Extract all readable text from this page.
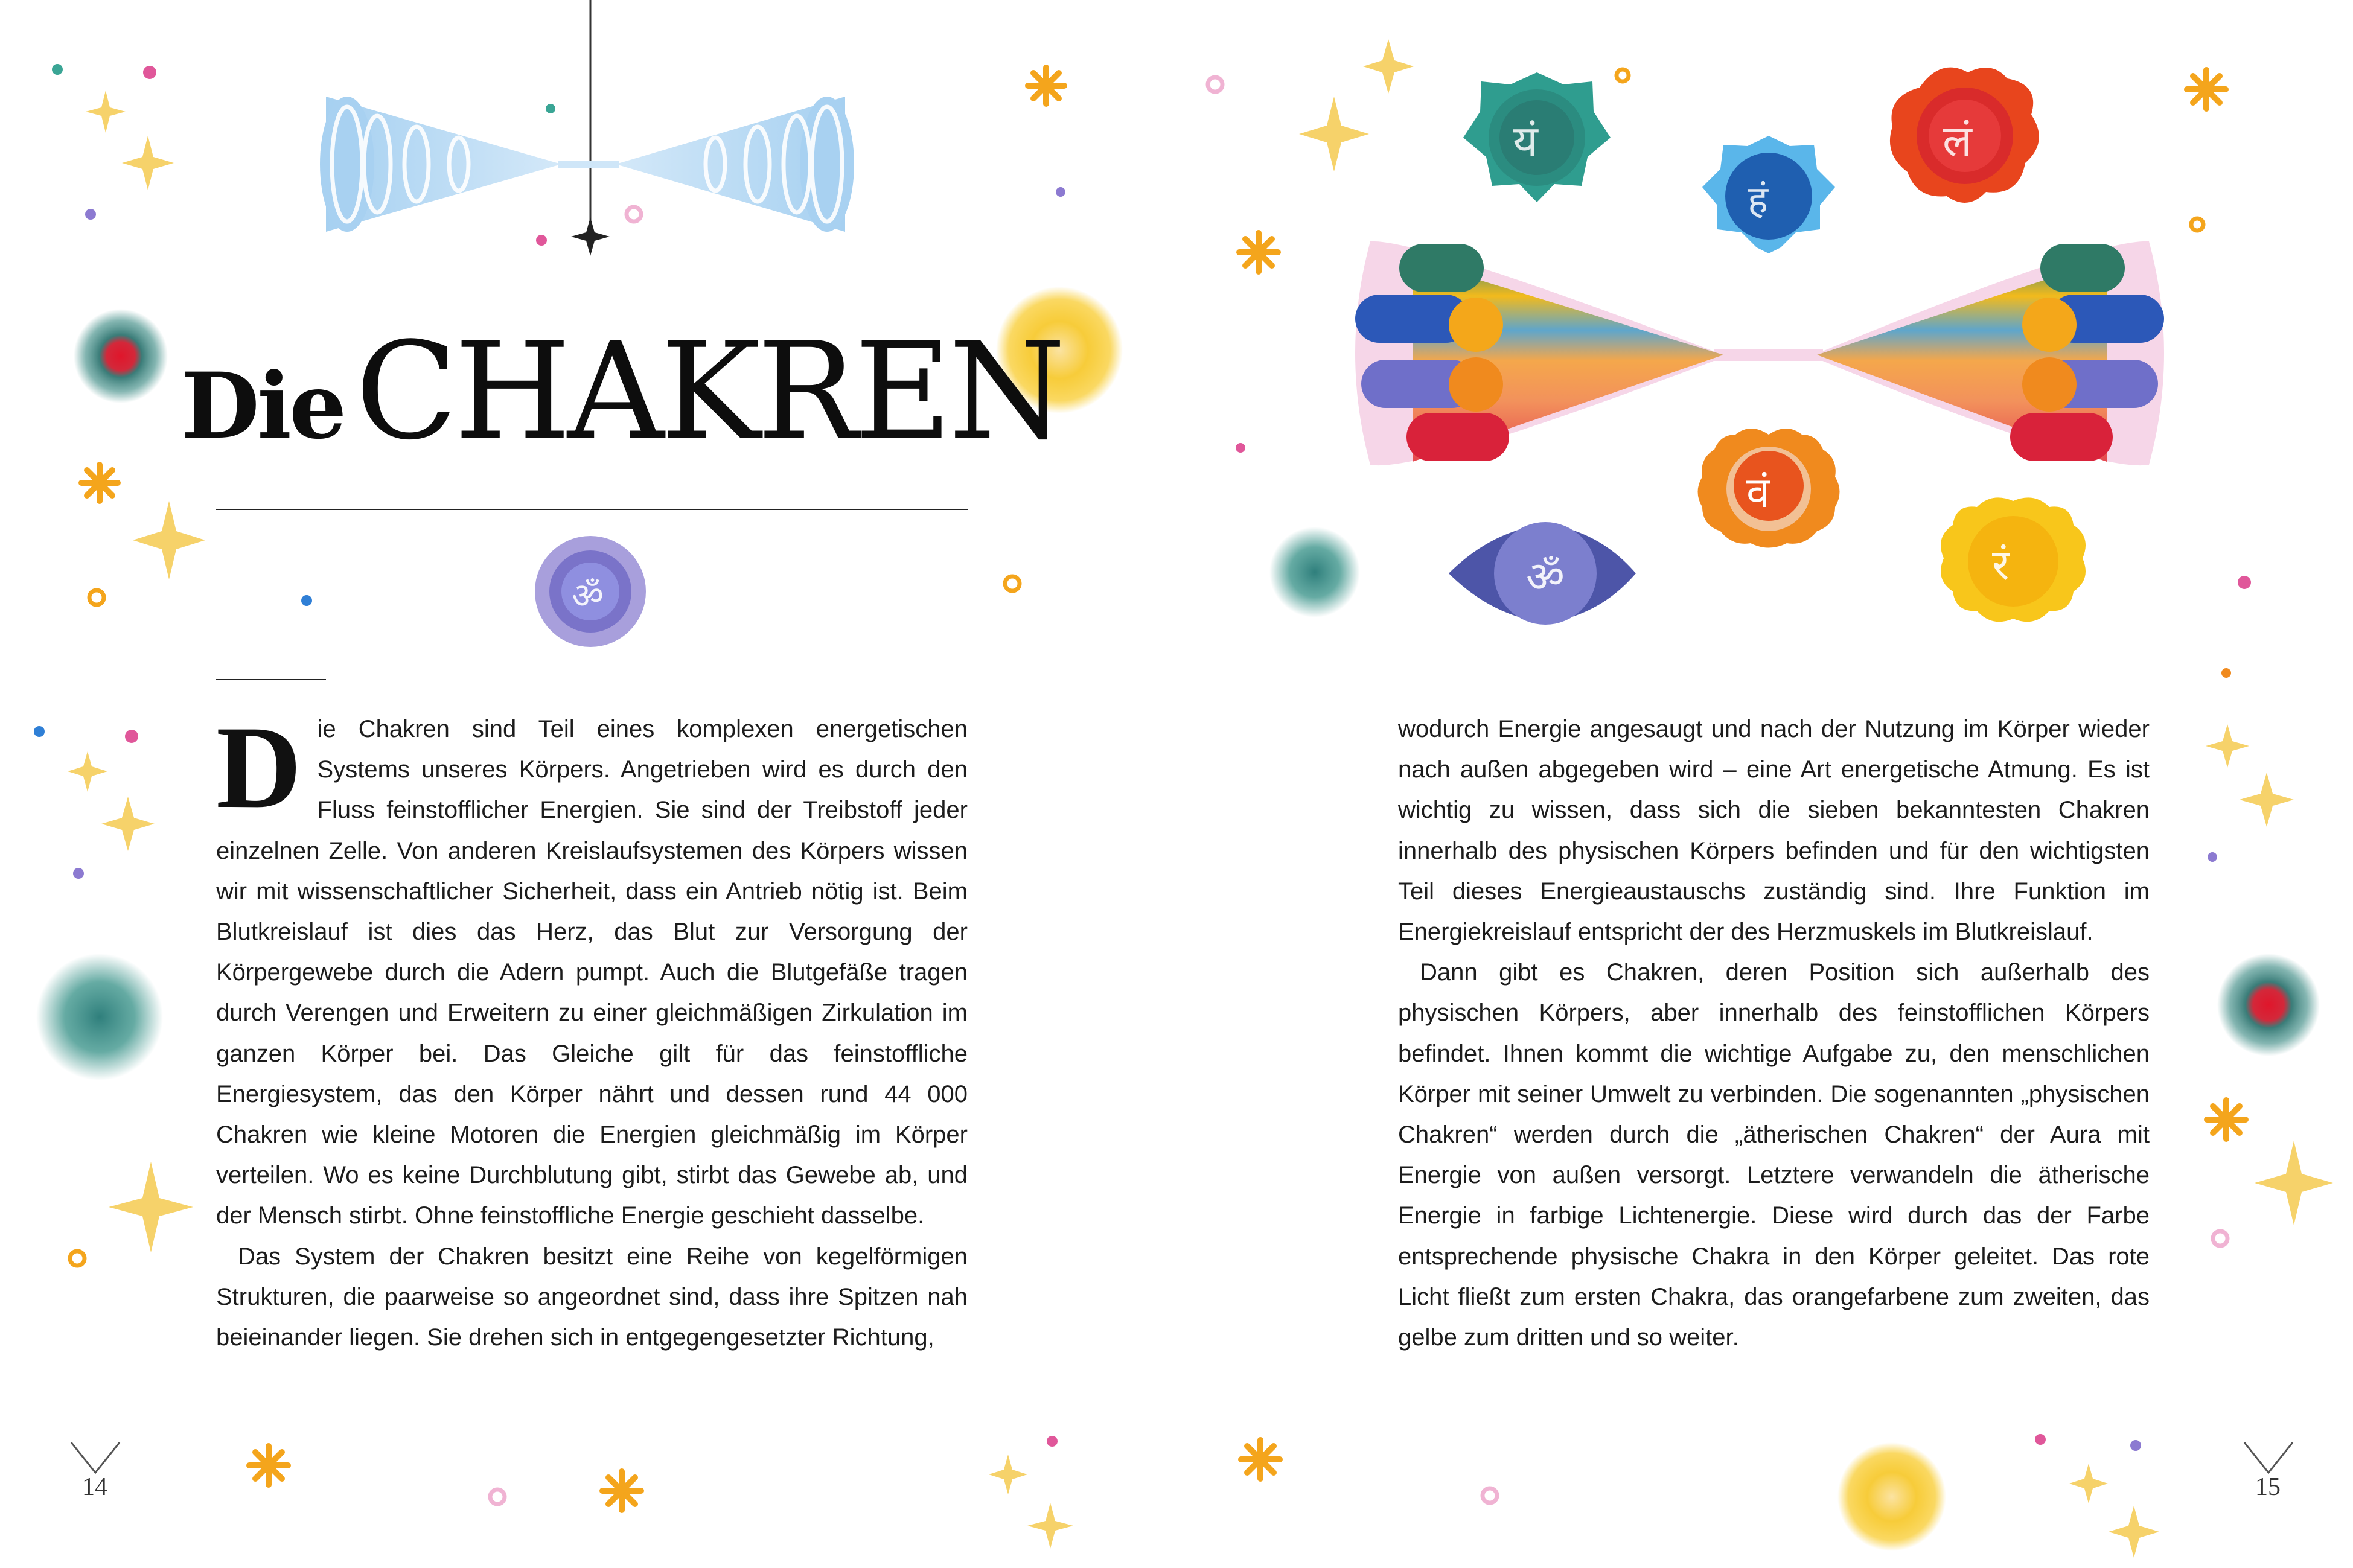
यं
हं
लं
वं
ॐ	रं
ॐ
DieCHAKREN

Die Chakren sind Teil eines komplexen energetischen Systems unseres Körpers. Angetrieben wird es durch den Fluss feinstofflicher Energien. Sie sind der Treibstoff jeder einzelnen Zelle. Von anderen Kreislaufsystemen des Körpers wissen wir mit wissenschaftlicher Sicherheit, dass ein Antrieb nötig ist. Beim Blutkreislauf ist dies das Herz, das Blut zur Versorgung der Körpergewebe durch die Adern pumpt. Auch die Blutgefäße tragen durch Verengen und Erweitern zu einer gleichmäßigen Zirkulation im ganzen Körper bei. Das Gleiche gilt für das feinstoffliche Energiesystem, das den Körper nährt und dessen rund 44 000 Chakren wie kleine Motoren die Energien gleichmäßig im Körper verteilen. Wo es keine Durchblutung gibt, stirbt das Gewebe ab, und der Mensch stirbt. Ohne feinstoffliche Energie geschieht dasselbe.

Das System der Chakren besitzt eine Reihe von kegelförmigen Strukturen, die paarweise so angeordnet sind, dass ihre Spitzen nah beieinander liegen. Sie drehen sich in entgegengesetzter Richtung,

wodurch Energie angesaugt und nach der Nutzung im Körper wieder nach außen abgegeben wird – eine Art energetische Atmung. Es ist wichtig zu wissen, dass sich die sieben bekanntesten Chakren innerhalb des physischen Körpers befinden und für den wichtigsten Teil dieses Energieaustauschs zuständig sind. Ihre Funktion im Energiekreislauf entspricht der des Herzmuskels im Blutkreislauf.

Dann gibt es Chakren, deren Position sich außerhalb des physischen Körpers, aber innerhalb des feinstofflichen Körpers befindet. Ihnen kommt die wichtige Aufgabe zu, den menschlichen Körper mit seiner Umwelt zu verbinden. Die sogenannten „physischen Chakren“ werden durch die „ätherischen Chakren“ der Aura mit Energie von außen versorgt. Letztere verwandeln die ätherische Energie in farbige Lichtenergie. Diese wird durch das der Farbe entsprechende physische Chakra in den Körper geleitet. Das rote Licht fließt zum ersten Chakra, das orangefarbene zum zweiten, das gelbe zum dritten und so weiter.

14	15
